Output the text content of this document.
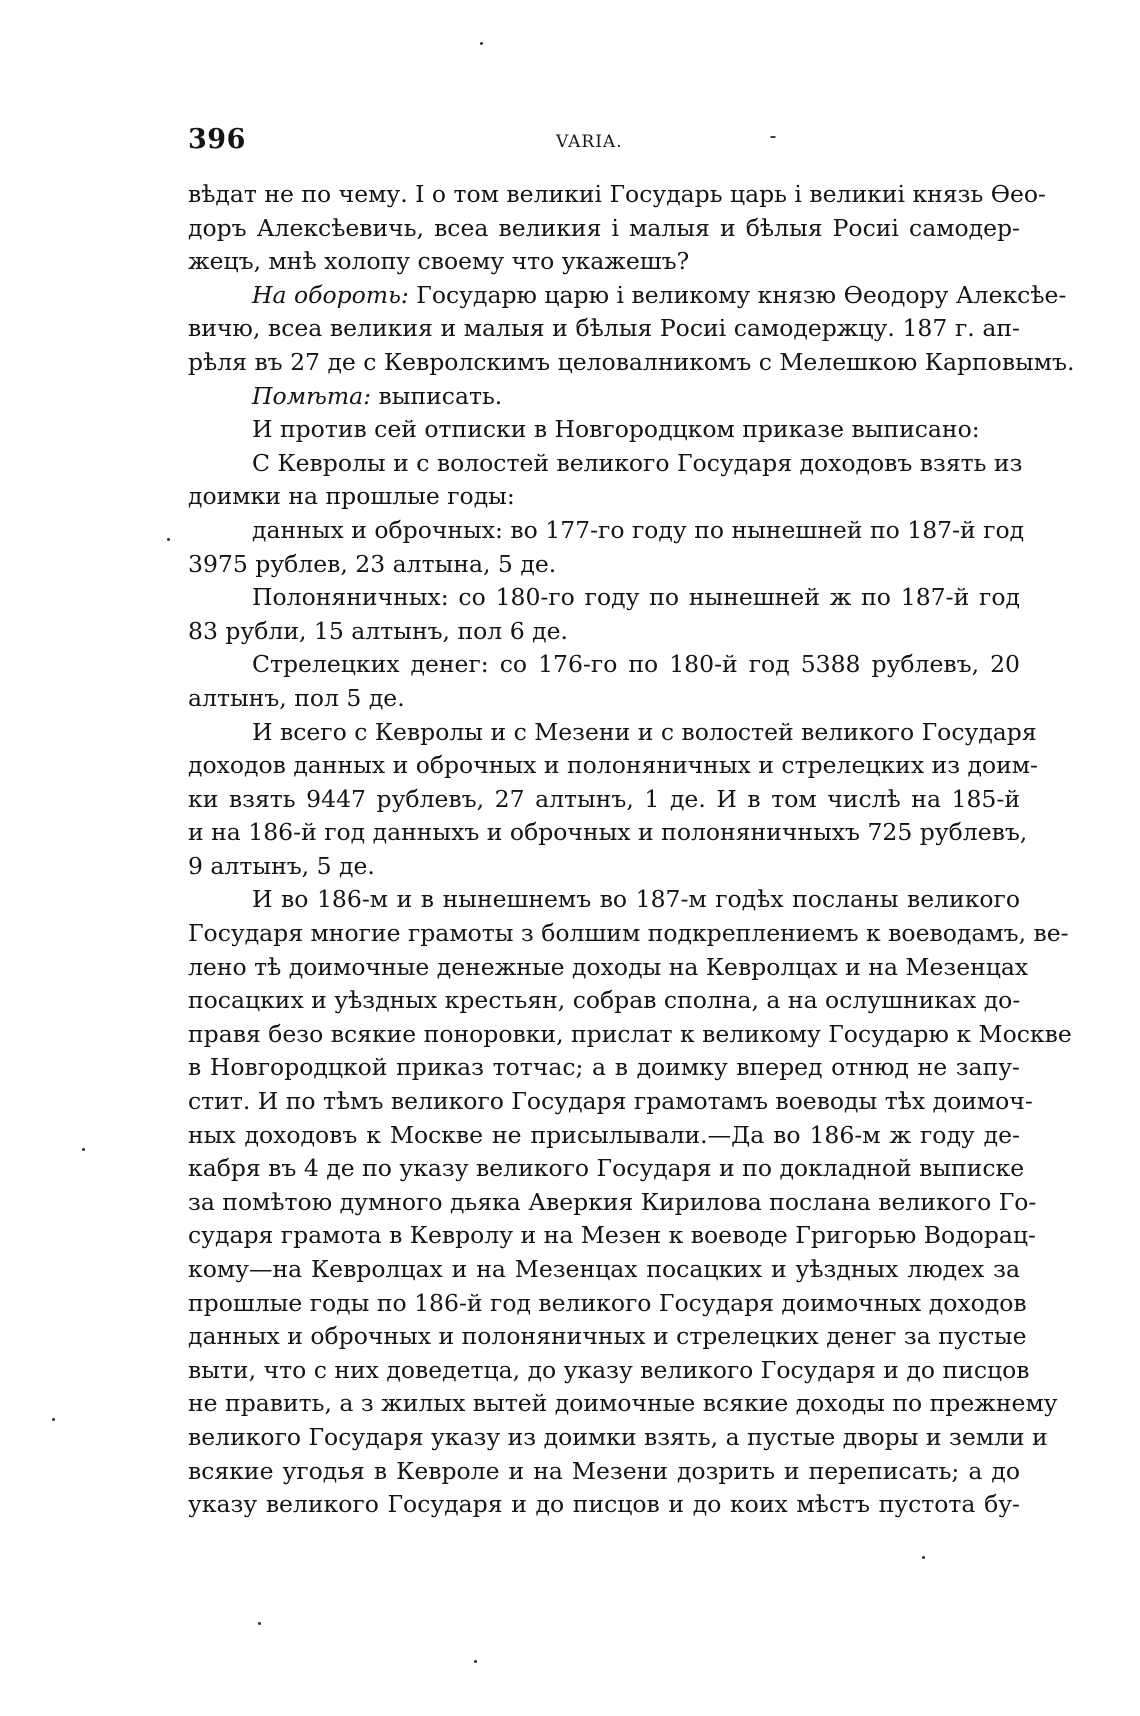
396	VARIA.
вѣдат не по чему. I о том великиі Государь царь і великиі князь Ѳео-
доръ Алексѣевичь, всеа великия і малыя и бѣлыя Росиі самодер-
жецъ, мнѣ холопу своему что укажешъ?
На обороть: Государю царю і великому князю Ѳеодору Алексѣе-
вичю, всеа великия и малыя и бѣлыя Росиі самодержцу. 187 г. ап-
рѣля въ 27 де с Кевролскимъ целовалникомъ с Мелешкою Карповымъ.
Помѣта: выписать.
И против сей отписки в Новгородцком приказе выписано:
С Кевролы и с волостей великого Государя доходовъ взять из
доимки на прошлые годы:
данных и оброчных: во 177-го году по нынешней по 187-й год
3975 рублев, 23 алтына, 5 де.
Полоняничных: со 180-го году по нынешней ж по 187-й год
83 рубли, 15 алтынъ, пол 6 де.
Стрелецких денег: со 176-го по 180-й год 5388 рублевъ, 20
алтынъ, пол 5 де.
И всего с Кевролы и с Мезени и с волостей великого Государя
доходов данных и оброчных и полоняничных и стрелецких из доим-
ки взять 9447 рублевъ, 27 алтынъ, 1 де. И в том числѣ на 185-й
и на 186-й год данныхъ и оброчных и полоняничныхъ 725 рублевъ,
9 алтынъ, 5 де.
И во 186-м и в нынешнемъ во 187-м годѣх посланы великого
Государя многие грамоты з болшим подкреплениемъ к воеводамъ, ве-
лено тѣ доимочные денежные доходы на Кевролцах и на Мезенцах
посацких и уѣздных крестьян, собрав сполна, а на ослушниках до-
правя безо всякие поноровки, прислат к великому Государю к Москве
в Новгородцкой приказ тотчас; а в доимку вперед отнюд не запу-
стит. И по тѣмъ великого Государя грамотамъ воеводы тѣх доимоч-
ных доходовъ к Москве не присылывали.—Да во 186-м ж году де-
кабря въ 4 де по указу великого Государя и по докладной выписке
за помѣтою думного дьяка Аверкия Кирилова послана великого Го-
сударя грамота в Кевролу и на Мезен к воеводе Григорью Водорац-
кому—на Кевролцах и на Мезенцах посацких и уѣздных людех за
прошлые годы по 186-й год великого Государя доимочных доходов
данных и оброчных и полоняничных и стрелецких денег за пустые
выти, что с них доведетца, до указу великого Государя и до писцов
не править, а з жилых вытей доимочные всякие доходы по прежнему
великого Государя указу из доимки взять, а пустые дворы и земли и
всякие угодья в Кевроле и на Мезени дозрить и переписать; а до
указу великого Государя и до писцов и до коих мѣстъ пустота бу-
